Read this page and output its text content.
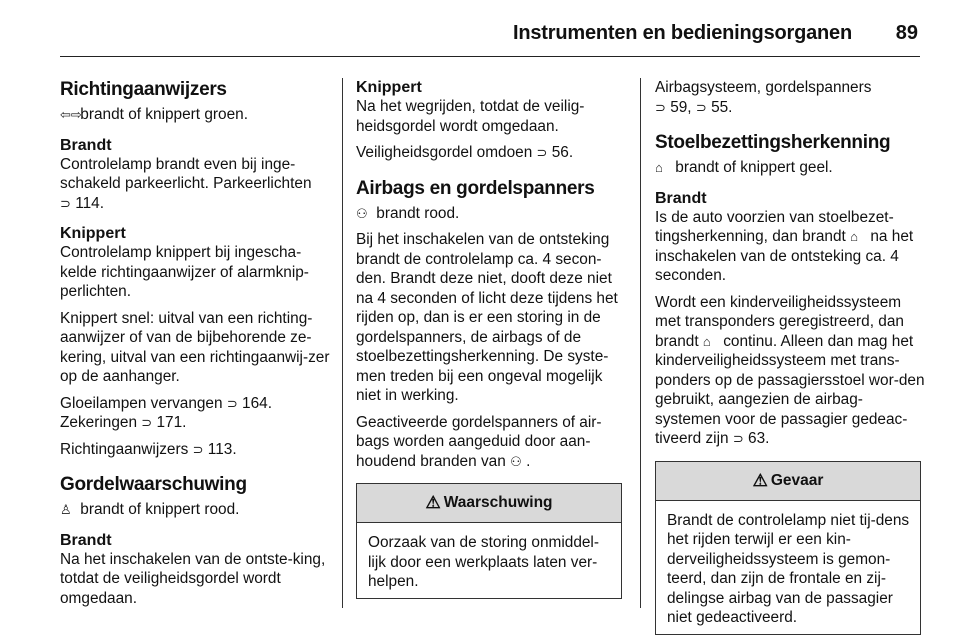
Instrumenten en bedieningsorganen 89
Richtingaanwijzers

⇦⇨ brandt of knippert groen.

Brandt

Controlelamp brandt even bij inge-schakeld parkeerlicht. Parkeerlichten
⊃ 114.

Knippert

Controlelamp knippert bij ingescha-kelde richtingaanwijzer of alarmknip-perlichten.

Knippert snel: uitval van een richting-aanwijzer of van de bijbehorende ze-kering, uitval van een richtingaanwij-zer op de aanhanger.

Gloeilampen vervangen ⊃ 164.

Zekeringen ⊃ 171.

Richtingaanwijzers ⊃ 113.

Gordelwaarschuwing

♙ brandt of knippert rood.

Brandt

Na het inschakelen van de ontste-king, totdat de veiligheidsgordel wordt omgedaan.

Knippert

Na het wegrijden, totdat de veilig-heidsgordel wordt omgedaan.

Veiligheidsgordel omdoen ⊃ 56.

Airbags en gordelspanners

⚇ brandt rood.

Bij het inschakelen van de ontsteking brandt de controlelamp ca. 4 secon-den. Brandt deze niet, dooft deze niet na 4 seconden of licht deze tijdens het rijden op, dan is er een storing in de gordelspanners, de airbags of de stoelbezettingsherkenning. De syste-men treden bij een ongeval mogelijk niet in werking.

Geactiveerde gordelspanners of air-bags worden aangeduid door aan-houdend branden van ⚇ .

⚠ Waarschuwing

Oorzaak van de storing onmiddel-lijk door een werkplaats laten ver-helpen.

Airbagsysteem, gordelspanners
⊃ 59, ⊃ 55.

Stoelbezettingsherkenning

⌂ brandt of knippert geel.

Brandt

Is de auto voorzien van stoelbezet-tingsherkenning, dan brandt ⌂ na het inschakelen van de ontsteking ca. 4 seconden.

Wordt een kinderveiligheidssysteem met transponders geregistreerd, dan brandt ⌂ continu. Alleen dan mag het kinderveiligheidssysteem met trans-ponders op de passagiersstoel wor-den gebruikt, aangezien de airbag-systemen voor de passagier gedeac-tiveerd zijn ⊃ 63.

⚠ Gevaar

Brandt de controlelamp niet tij-dens het rijden terwijl er een kin-derveiligheidssysteem is gemon-teerd, dan zijn de frontale en zij-delingse airbag van de passagier niet gedeactiveerd.
